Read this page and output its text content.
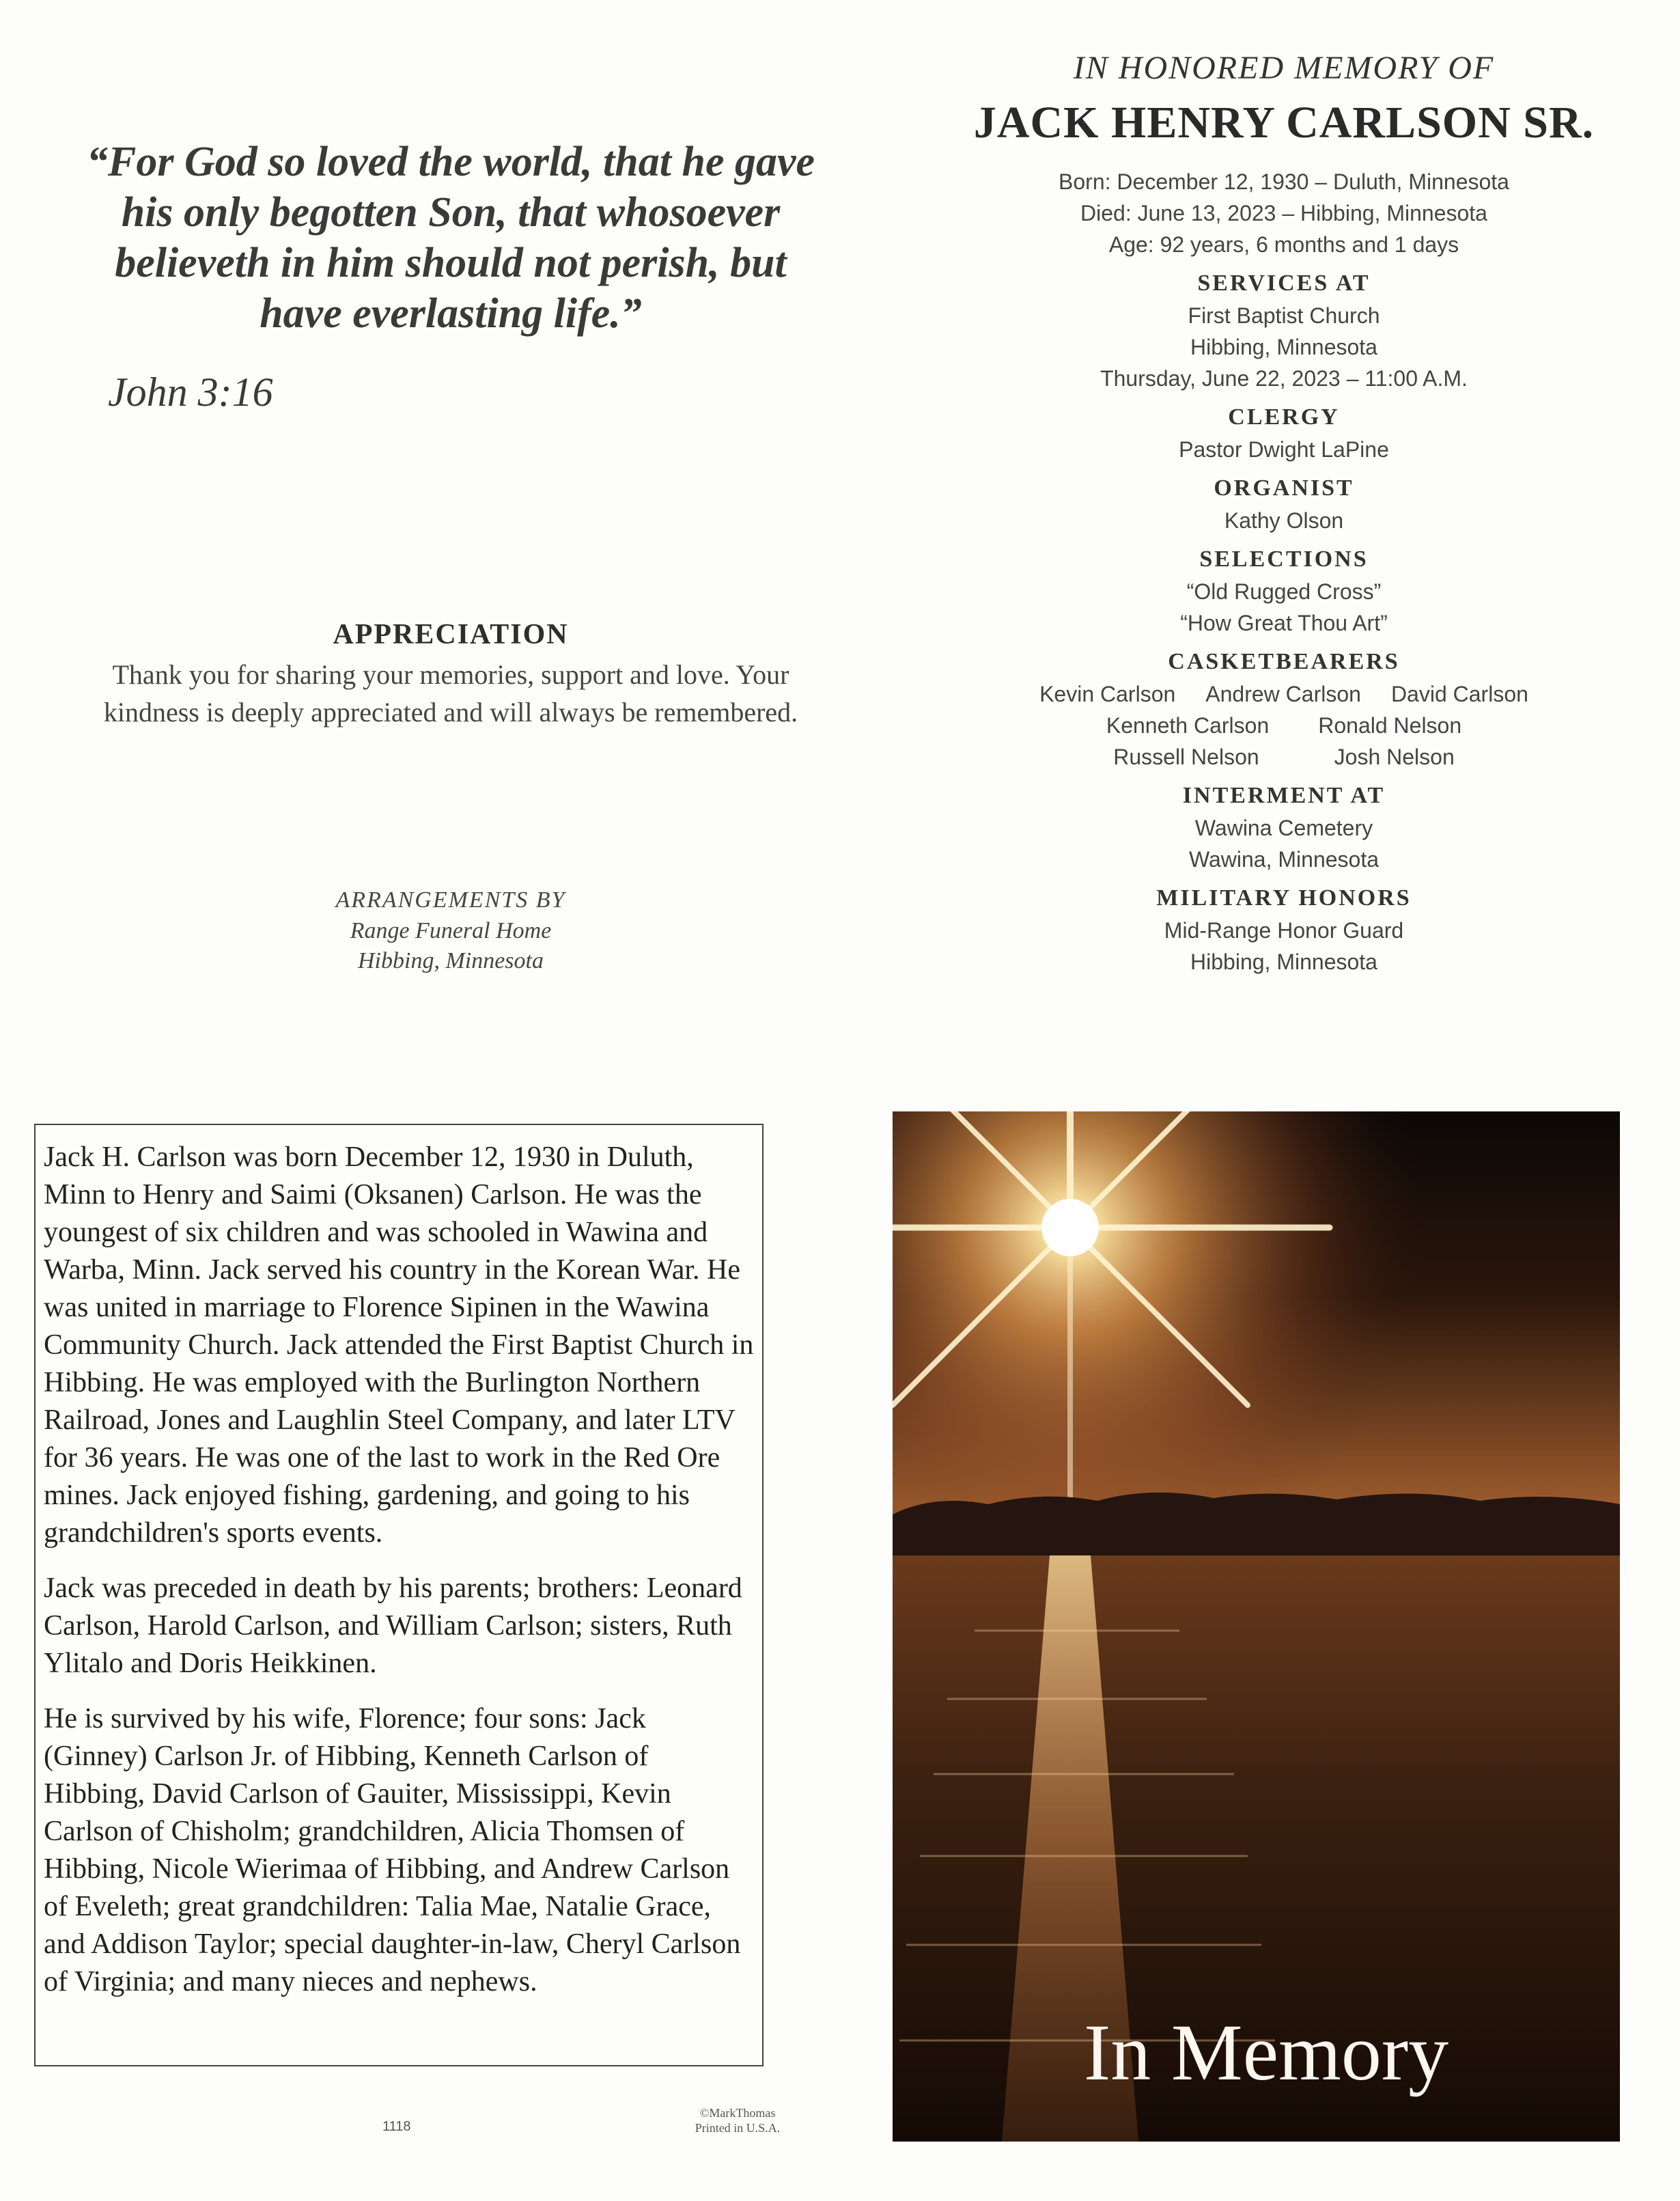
“For God so loved the world, that he gave his only begotten Son, that whosoever believeth in him should not perish, but have everlasting life.”
John 3:16
APPRECIATION
Thank you for sharing your memories, support and love. Your kindness is deeply appreciated and will always be remembered.
ARRANGEMENTS BY
Range Funeral Home
Hibbing, Minnesota
IN HONORED MEMORY OF
JACK HENRY CARLSON SR.
Born: December 12, 1930 – Duluth, Minnesota
Died: June 13, 2023 – Hibbing, Minnesota
Age: 92 years, 6 months and 1 days
SERVICES AT
First Baptist Church
Hibbing, Minnesota
Thursday, June 22, 2023 – 11:00 A.M.
CLERGY
Pastor Dwight LaPine
ORGANIST
Kathy Olson
SELECTIONS
“Old Rugged Cross”
“How Great Thou Art”
CASKETBEARERS
Kevin Carlson Andrew Carlson David Carlson
Kenneth Carlson Ronald Nelson
Russell Nelson	Josh Nelson
INTERMENT AT
Wawina Cemetery
Wawina, Minnesota
MILITARY HONORS
Mid-Range Honor Guard
Hibbing, Minnesota

Jack H. Carlson was born December 12, 1930 in Duluth, Minn to Henry and Saimi (Oksanen) Carlson. He was the youngest of six children and was schooled in Wawina and Warba, Minn. Jack served his country in the Korean War. He was united in marriage to Florence Sipinen in the Wawina Community Church. Jack attended the First Baptist Church in Hibbing. He was employed with the Burlington Northern Railroad, Jones and Laughlin Steel Company, and later LTV for 36 years. He was one of the last to work in the Red Ore mines. Jack enjoyed fishing, gardening, and going to his grandchildren's sports events.

Jack was preceded in death by his parents; brothers: Leonard Carlson, Harold Carlson, and William Carlson; sisters, Ruth Ylitalo and Doris Heikkinen.

He is survived by his wife, Florence; four sons: Jack (Ginney) Carlson Jr. of Hibbing, Kenneth Carlson of Hibbing, David Carlson of Gauiter, Mississippi, Kevin Carlson of Chisholm; grandchildren, Alicia Thomsen of Hibbing, Nicole Wierimaa of Hibbing, and Andrew Carlson of Eveleth; great grandchildren: Talia Mae, Natalie Grace, and Addison Taylor; special daughter-in-law, Cheryl Carlson of Virginia; and many nieces and nephews.

1118
©MarkThomas
Printed in U.S.A.
In Memory
